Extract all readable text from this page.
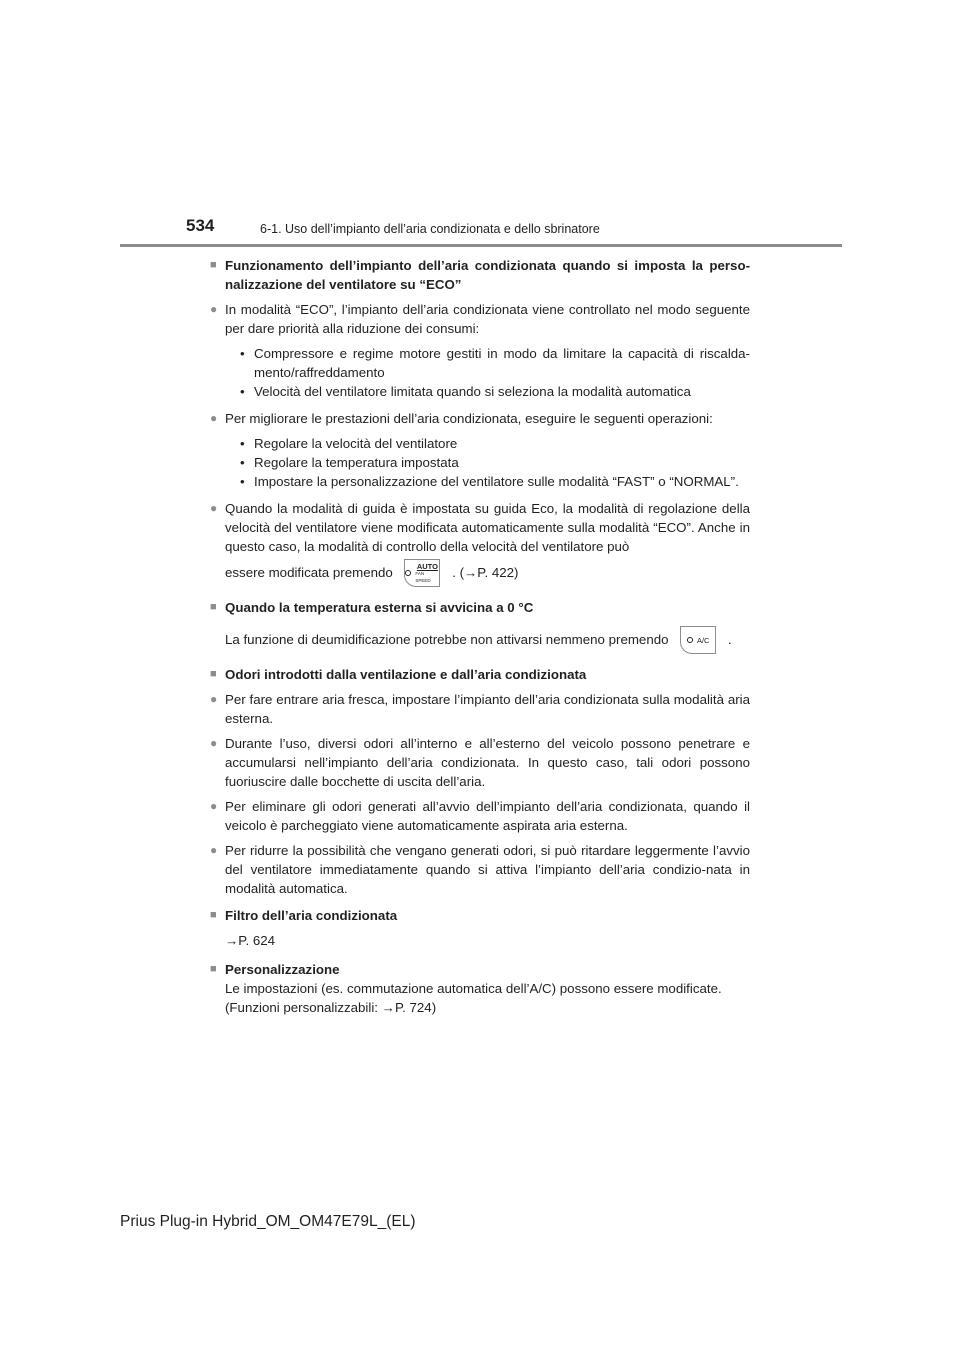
534	6-1. Uso dell’impianto dell’aria condizionata e dello sbrinatore
■ Funzionamento dell’impianto dell’aria condizionata quando si imposta la perso-nalizzazione del ventilatore su “ECO”
● In modalità “ECO”, l’impianto dell’aria condizionata viene controllato nel modo seguente per dare priorità alla riduzione dei consumi:
• Compressore e regime motore gestiti in modo da limitare la capacità di riscalda-mento/raffreddamento
• Velocità del ventilatore limitata quando si seleziona la modalità automatica
● Per migliorare le prestazioni dell’aria condizionata, eseguire le seguenti operazioni:
• Regolare la velocità del ventilatore
• Regolare la temperatura impostata
• Impostare la personalizzazione del ventilatore sulle modalità “FAST” o “NORMAL”.
● Quando la modalità di guida è impostata su guida Eco, la modalità di regolazione della velocità del ventilatore viene modificata automaticamente sulla modalità “ECO”. Anche in questo caso, la modalità di controllo della velocità del ventilatore può
essere modificata premendo	AUTO
FAN SPEED
. (→P. 422)
■ Quando la temperatura esterna si avvicina a 0 °C
La funzione di deumidificazione potrebbe non attivarsi nemmeno premendo	A/C .
■ Odori introdotti dalla ventilazione e dall’aria condizionata
● Per fare entrare aria fresca, impostare l’impianto dell’aria condizionata sulla modalità aria esterna.
● Durante l’uso, diversi odori all’interno e all’esterno del veicolo possono penetrare e accumularsi nell’impianto dell’aria condizionata. In questo caso, tali odori possono fuoriuscire dalle bocchette di uscita dell’aria.
● Per eliminare gli odori generati all’avvio dell’impianto dell’aria condizionata, quando il veicolo è parcheggiato viene automaticamente aspirata aria esterna.
● Per ridurre la possibilità che vengano generati odori, si può ritardare leggermente l’avvio del ventilatore immediatamente quando si attiva l’impianto dell’aria condizio-nata in modalità automatica.
■ Filtro dell’aria condizionata
→P. 624
■ Personalizzazione
Le impostazioni (es. commutazione automatica dell’A/C) possono essere modificate.
(Funzioni personalizzabili: →P. 724)
Prius Plug-in Hybrid_OM_OM47E79L_(EL)
